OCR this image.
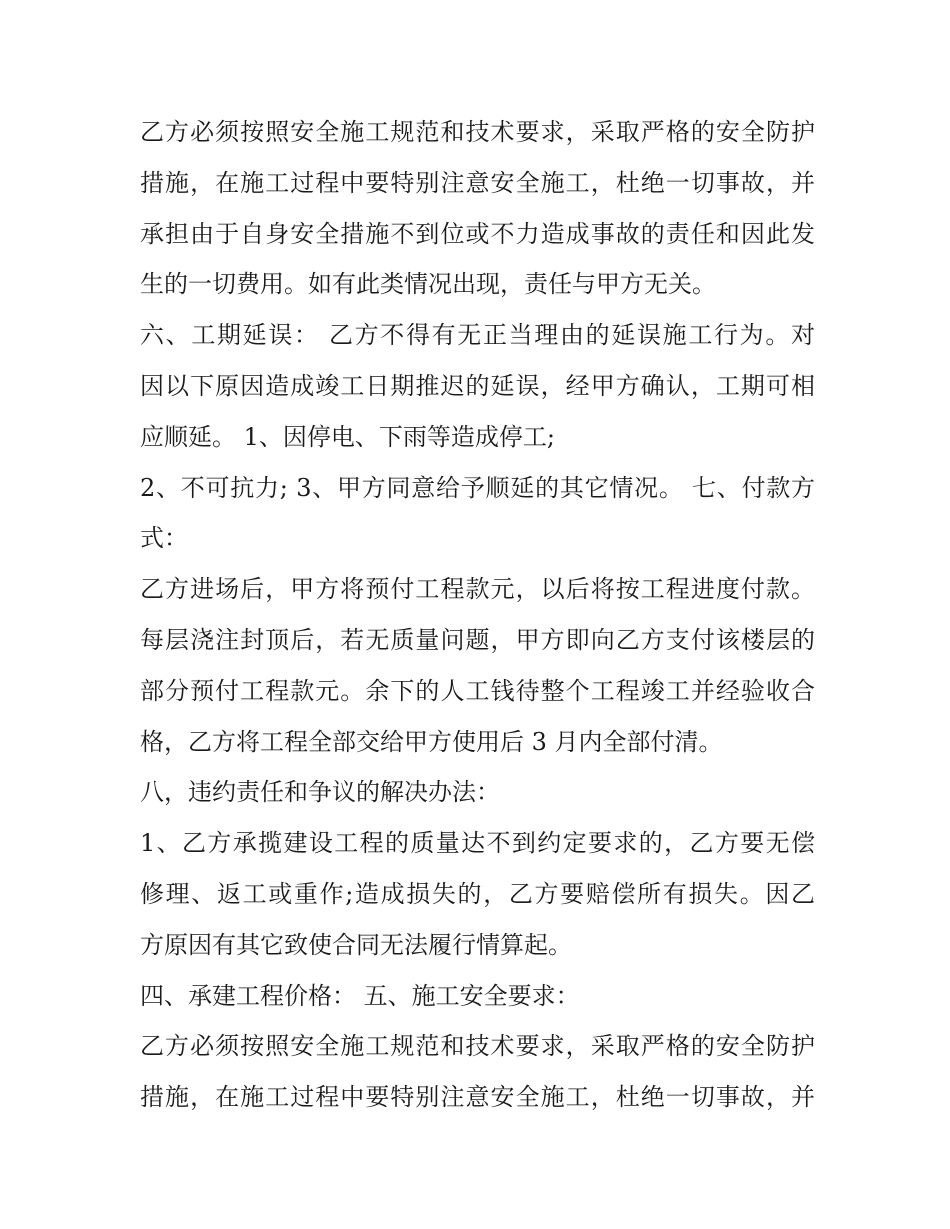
乙方必须按照安全施工规范和技术要求，采取严格的安全防护
措施，在施工过程中要特别注意安全施工，杜绝一切事故，并
承担由于自身安全措施不到位或不力造成事故的责任和因此发
生的一切费用。如有此类情况出现，责任与甲方无关。
六、工期延误： 乙方不得有无正当理由的延误施工行为。对
因以下原因造成竣工日期推迟的延误，经甲方确认，工期可相
应顺延。 1、因停电、下雨等造成停工;
2、不可抗力; 3、甲方同意给予顺延的其它情况。 七、付款方
式：
乙方进场后，甲方将预付工程款元，以后将按工程进度付款。
每层浇注封顶后，若无质量问题，甲方即向乙方支付该楼层的
部分预付工程款元。余下的人工钱待整个工程竣工并经验收合
格，乙方将工程全部交给甲方使用后 3 月内全部付清。
八，违约责任和争议的解决办法：
1、乙方承揽建设工程的质量达不到约定要求的，乙方要无偿
修理、返工或重作;造成损失的，乙方要赔偿所有损失。因乙
方原因有其它致使合同无法履行情算起。
四、承建工程价格： 五、施工安全要求：
乙方必须按照安全施工规范和技术要求，采取严格的安全防护
措施，在施工过程中要特别注意安全施工，杜绝一切事故，并
